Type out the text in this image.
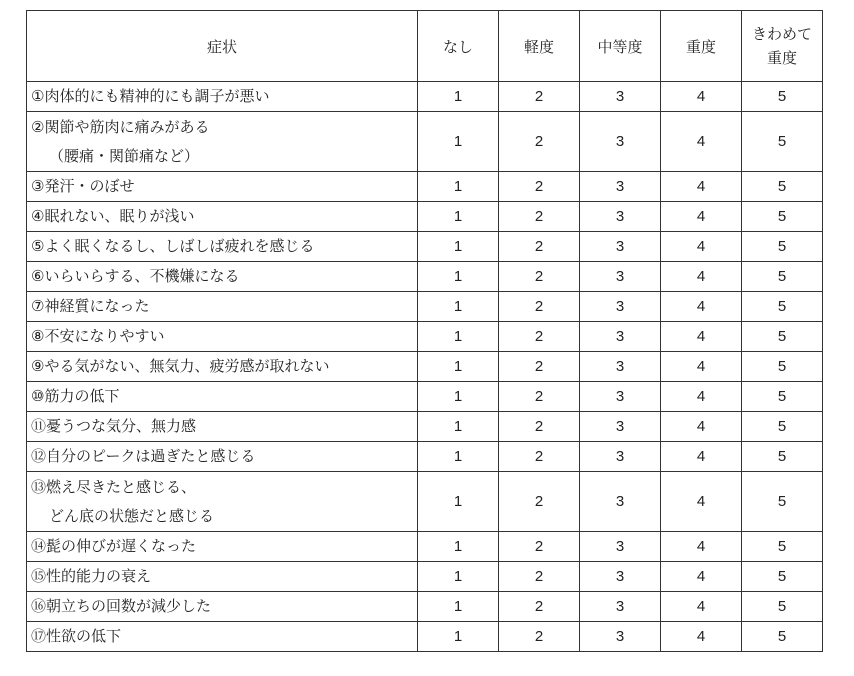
症状	なし	軽度	中等度	重度	きわめて
重度

①肉体的にも精神的にも調子が悪い	1	2	3	4	5

②関節や筋肉に痛みがある
（腰痛・関節痛など）	1	2	3	4	5

③発汗・のぼせ	1	2	3	4	5

④眠れない、眠りが浅い	1	2	3	4	5

⑤よく眠くなるし、しばしば疲れを感じる	1	2	3	4	5

⑥いらいらする、不機嫌になる	1	2	3	4	5

⑦神経質になった	1	2	3	4	5

⑧不安になりやすい	1	2	3	4	5

⑨やる気がない、無気力、疲労感が取れない	1	2	3	4	5

⑩筋力の低下	1	2	3	4	5

⑪憂うつな気分、無力感	1	2	3	4	5

⑫自分のピークは過ぎたと感じる	1	2	3	4	5

⑬燃え尽きたと感じる、
どん底の状態だと感じる	1	2	3	4	5

⑭髭の伸びが遅くなった	1	2	3	4	5

⑮性的能力の衰え	1	2	3	4	5

⑯朝立ちの回数が減少した	1	2	3	4	5

⑰性欲の低下	1	2	3	4	5
